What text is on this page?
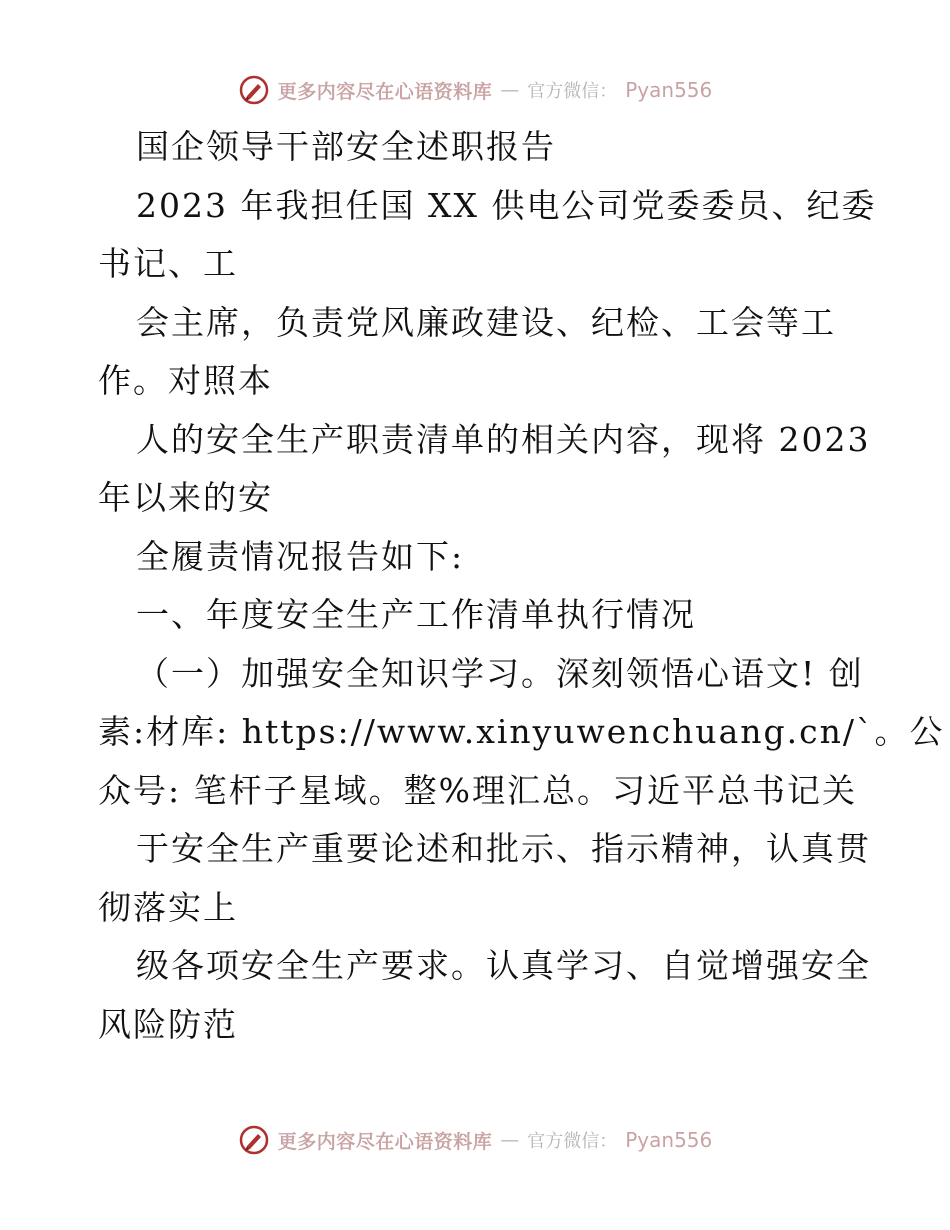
更多内容尽在心语资料库 — 官方微信： Pyan556
国企领导干部安全述职报告
2023 年我担任国 XX 供电公司党委委员、纪委
书记、工
会主席，负责党风廉政建设、纪检、工会等工
作。对照本
人的安全生产职责清单的相关内容，现将 2023
年以来的安
全履责情况报告如下:
一、年度安全生产工作清单执行情况
（一）加强安全知识学习。深刻领悟心语文! 创
素:材库: https://www.xinyuwenchuang.cn/`。公
众号: 笔杆子星域。整%理汇总。习近平总书记关
于安全生产重要论述和批示、指示精神，认真贯
彻落实上
级各项安全生产要求。认真学习、自觉增强安全
风险防范
更多内容尽在心语资料库 — 官方微信： Pyan556
